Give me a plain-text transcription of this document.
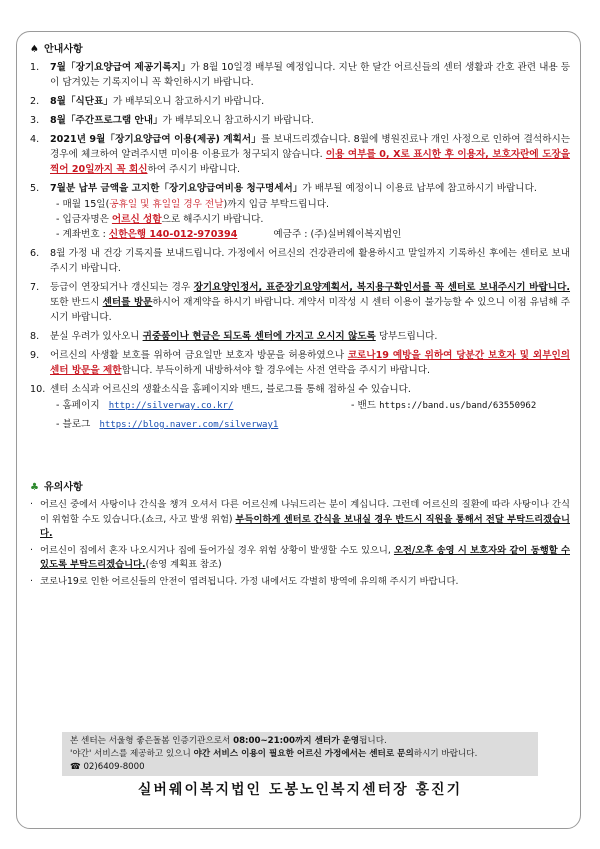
♠ 안내사항
1.	7월「장기요양급여 제공기록지」가 8월 10일경 배부될 예정입니다. 지난 한 달간 어르신들의 센터 생활과 간호 관련 내용 등이 담겨있는 기록지이니 꼭 확인하시기 바랍니다.
2.	8월「식단표」가 배부되오니 참고하시기 바랍니다.
3.	8월「주간프로그램 안내」가 배부되오니 참고하시기 바랍니다.
4.	2021년 9월「장기요양급여 이용(제공) 계획서」를 보내드리겠습니다. 8월에 병원진료나 개인 사정으로 인하여 결석하시는 경우에 체크하여 알려주시면 미이용 이용료가 청구되지 않습니다. 이용 여부를 0, X로 표시한 후 이용자, 보호자란에 도장을 찍어 20일까지 꼭 회신하여 주시기 바랍니다.
5.	7월분 납부 금액을 고지한「장기요양급여비용 청구명세서」가 배부될 예정이니 이용료 납부에 참고하시기 바랍니다.
- 매월 15일(공휴일 및 휴일일 경우 전날)까지 입금 부탁드립니다.
- 입금자명은 어르신 성함으로 해주시기 바랍니다.
- 계좌번호 : 신한은행 140-012-970394	예금주 : (주)실버웨이복지법인
6.	8월 가정 내 건강 기록지를 보내드립니다. 가정에서 어르신의 건강관리에 활용하시고 말일까지 기록하신 후에는 센터로 보내주시기 바랍니다.
7.	등급이 연장되거나 갱신되는 경우 장기요양인정서, 표준장기요양계획서, 복지용구확인서를 꼭 센터로 보내주시기 바랍니다. 또한 반드시 센터를 방문하시어 재계약을 하시기 바랍니다. 계약서 미작성 시 센터 이용이 불가능할 수 있으니 이점 유념해 주시기 바랍니다.
8.	분실 우려가 있사오니 귀중품이나 현금은 되도록 센터에 가지고 오시지 않도록 당부드립니다.
9.	어르신의 사생활 보호를 위하여 금요일만 보호자 방문을 허용하였으나 코로나19 예방을 위하여 당분간 보호자 및 외부인의 센터 방문을 제한합니다. 부득이하게 내방하셔야 할 경우에는 사전 연락을 주시기 바랍니다.
10. 센터 소식과 어르신의 생활소식을 홈페이지와 밴드, 블로그를 통해 접하실 수 있습니다.
- 홈페이지 http://silverway.co.kr/	- 밴드 https://band.us/band/63550962
- 블로그 https://blog.naver.com/silverway1
♣ 유의사항
· 어르신 중에서 사탕이나 간식을 챙겨 오셔서 다른 어르신께 나눠드리는 분이 계십니다. 그런데 어르신의 질환에 따라 사탕이나 간식이 위험할 수도 있습니다.(쇼크, 사고 발생 위험) 부득이하게 센터로 간식을 보내실 경우 반드시 직원을 통해서 전달 부탁드리겠습니다.
· 어르신이 집에서 혼자 나오시거나 집에 들어가실 경우 위험 상황이 발생할 수도 있으니, 오전/오후 송영 시 보호자와 같이 동행할 수 있도록 부탁드리겠습니다.(송영 계획표 참조)
· 코로나19로 인한 어르신들의 안전이 염려됩니다. 가정 내에서도 각별히 방역에 유의해 주시기 바랍니다.
본 센터는 서울형 좋은돌봄 인증기관으로서 08:00~21:00까지 센터가 운영됩니다.
'야간' 서비스를 제공하고 있으니 야간 서비스 이용이 필요한 어르신 가정에서는 센터로 문의하시기 바랍니다.
☎ 02)6409-8000
실버웨이복지법인 도봉노인복지센터장 홍진기
